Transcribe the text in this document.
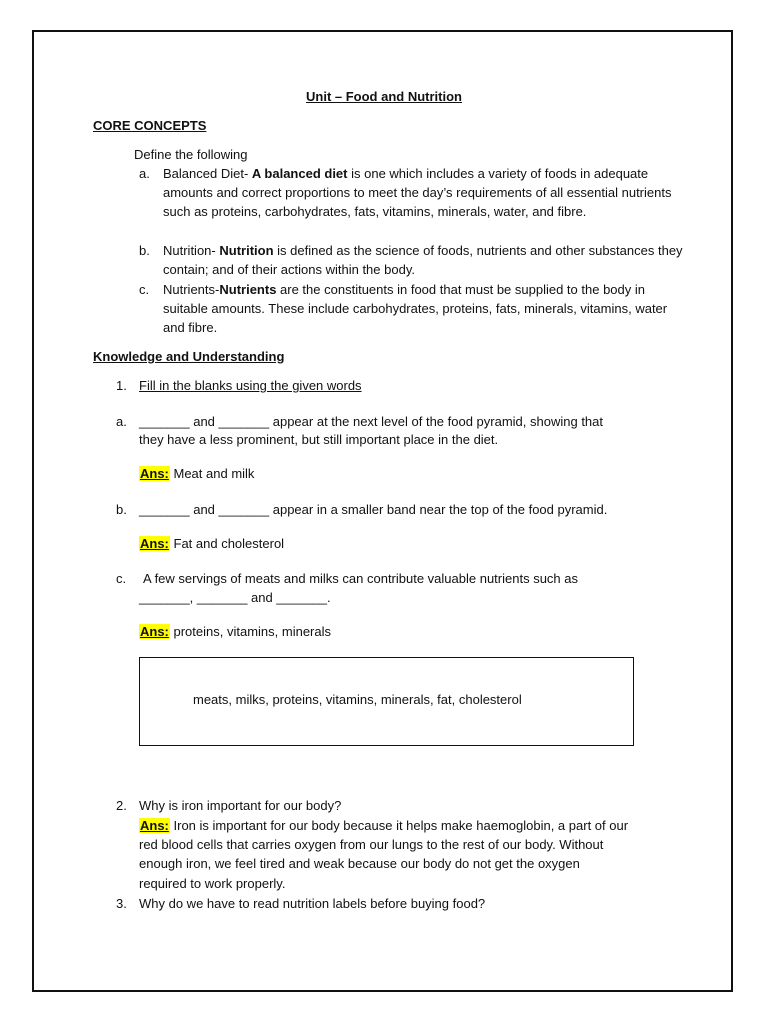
Unit – Food and Nutrition
CORE CONCEPTS
Define the following
a. Balanced Diet- A balanced diet is one which includes a variety of foods in adequate amounts and correct proportions to meet the day’s requirements of all essential nutrients such as proteins, carbohydrates, fats, vitamins, minerals, water, and fibre.
b. Nutrition- Nutrition is defined as the science of foods, nutrients and other substances they contain; and of their actions within the body.
c. Nutrients-Nutrients are the constituents in food that must be supplied to the body in suitable amounts. These include carbohydrates, proteins, fats, minerals, vitamins, water and fibre.
Knowledge and Understanding
1. Fill in the blanks using the given words
a. _______ and _______ appear at the next level of the food pyramid, showing that
they have a less prominent, but still important place in the diet.
Ans: Meat and milk
b. _______ and _______ appear in a smaller band near the top of the food pyramid.
Ans: Fat and cholesterol
c. A few servings of meats and milks can contribute valuable nutrients such as
_______, _______ and _______.
Ans: proteins, vitamins, minerals
meats, milks, proteins, vitamins, minerals, fat, cholesterol
2. Why is iron important for our body?
Ans: Iron is important for our body because it helps make haemoglobin, a part of our
red blood cells that carries oxygen from our lungs to the rest of our body. Without
enough iron, we feel tired and weak because our body do not get the oxygen
required to work properly.
3. Why do we have to read nutrition labels before buying food?
